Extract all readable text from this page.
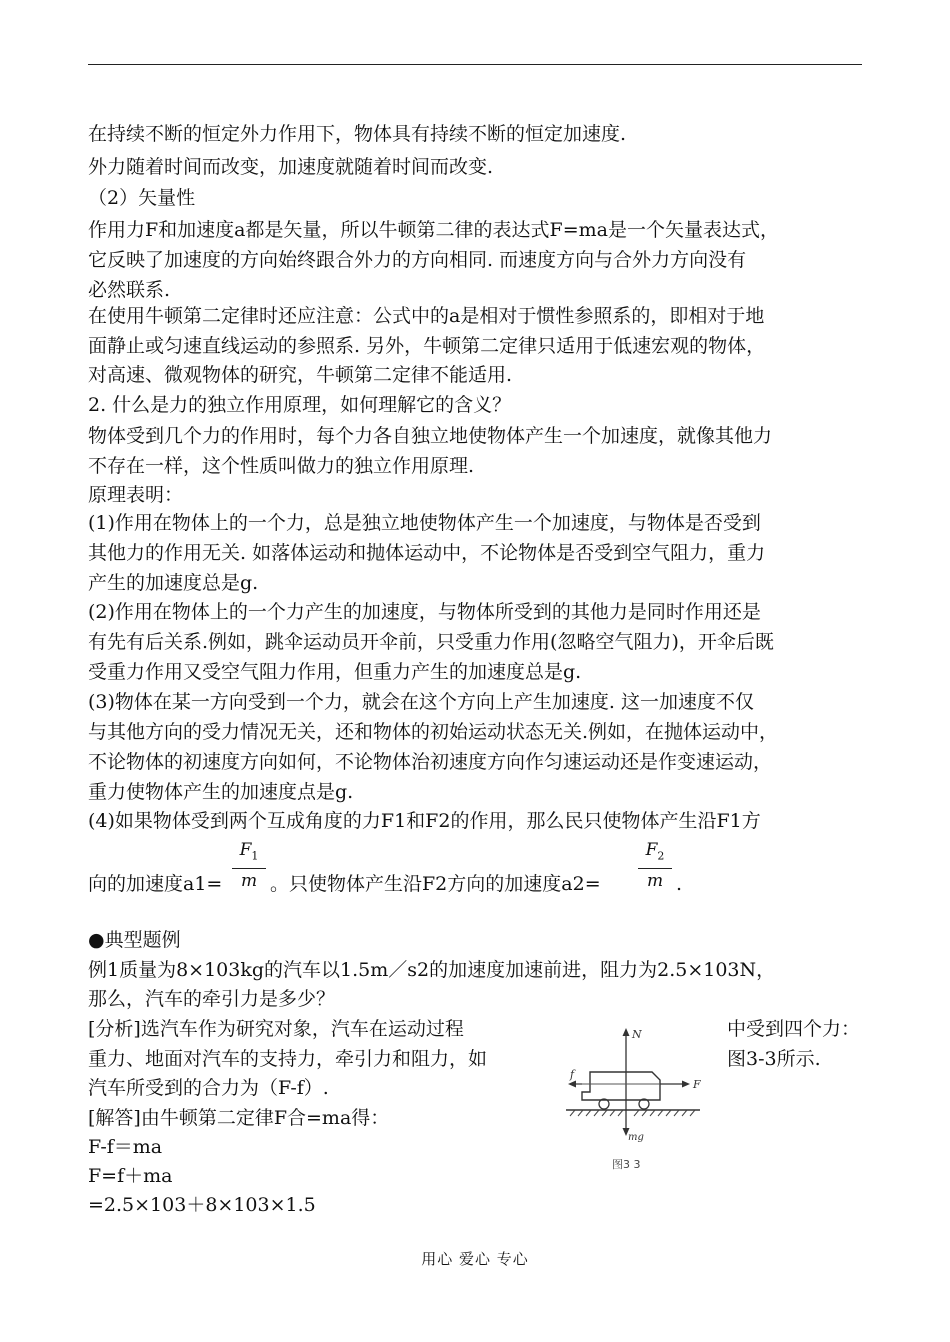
在持续不断的恒定外力作用下，物体具有持续不断的恒定加速度.
外力随着时间而改变，加速度就随着时间而改变.
（2）矢量性
作用力F和加速度a都是矢量，所以牛顿第二律的表达式F=ma是一个矢量表达式，
它反映了加速度的方向始终跟合外力的方向相同. 而速度方向与合外力方向没有
必然联系.
在使用牛顿第二定律时还应注意：公式中的a是相对于惯性参照系的，即相对于地
面静止或匀速直线运动的参照系. 另外，牛顿第二定律只适用于低速宏观的物体，
对高速、微观物体的研究，牛顿第二定律不能适用.
2. 什么是力的独立作用原理，如何理解它的含义？
物体受到几个力的作用时，每个力各自独立地使物体产生一个加速度，就像其他力
不存在一样，这个性质叫做力的独立作用原理.
原理表明：
(1)作用在物体上的一个力，总是独立地使物体产生一个加速度，与物体是否受到
其他力的作用无关. 如落体运动和抛体运动中，不论物体是否受到空气阻力，重力
产生的加速度总是g.
(2)作用在物体上的一个力产生的加速度，与物体所受到的其他力是同时作用还是
有先有后关系.例如，跳伞运动员开伞前，只受重力作用(忽略空气阻力)，开伞后既
受重力作用又受空气阻力作用，但重力产生的加速度总是g.
(3)物体在某一方向受到一个力，就会在这个方向上产生加速度. 这一加速度不仅
与其他方向的受力情况无关，还和物体的初始运动状态无关.例如，在抛体运动中，
不论物体的初速度方向如何，不论物体治初速度方向作匀速运动还是作变速运动，
重力使物体产生的加速度点是g.
(4)如果物体受到两个互成角度的力F1和F2的作用，那么民只使物体产生沿F1方
向的加速度a1=
$F_1$
m 。只使物体产生沿F2方向的加速度a2=
$F_2$
m .
●典型题例
例1质量为8×103kg的汽车以1.5m／s2的加速度加速前进，阻力为2.5×103N，
那么，汽车的牵引力是多少？
[分析]选汽车作为研究对象，汽车在运动过程	中受到四个力：
重力、地面对汽车的支持力，牵引力和阻力，如	图3-3所示.
汽车所受到的合力为（F-f）.
[解答]由牛顿第二定律F合=ma得：
F-f＝ma
F=f＋ma
=2.5×103＋8×103×1.5
N
f
F
mg
图3 3
用心 爱心 专心
